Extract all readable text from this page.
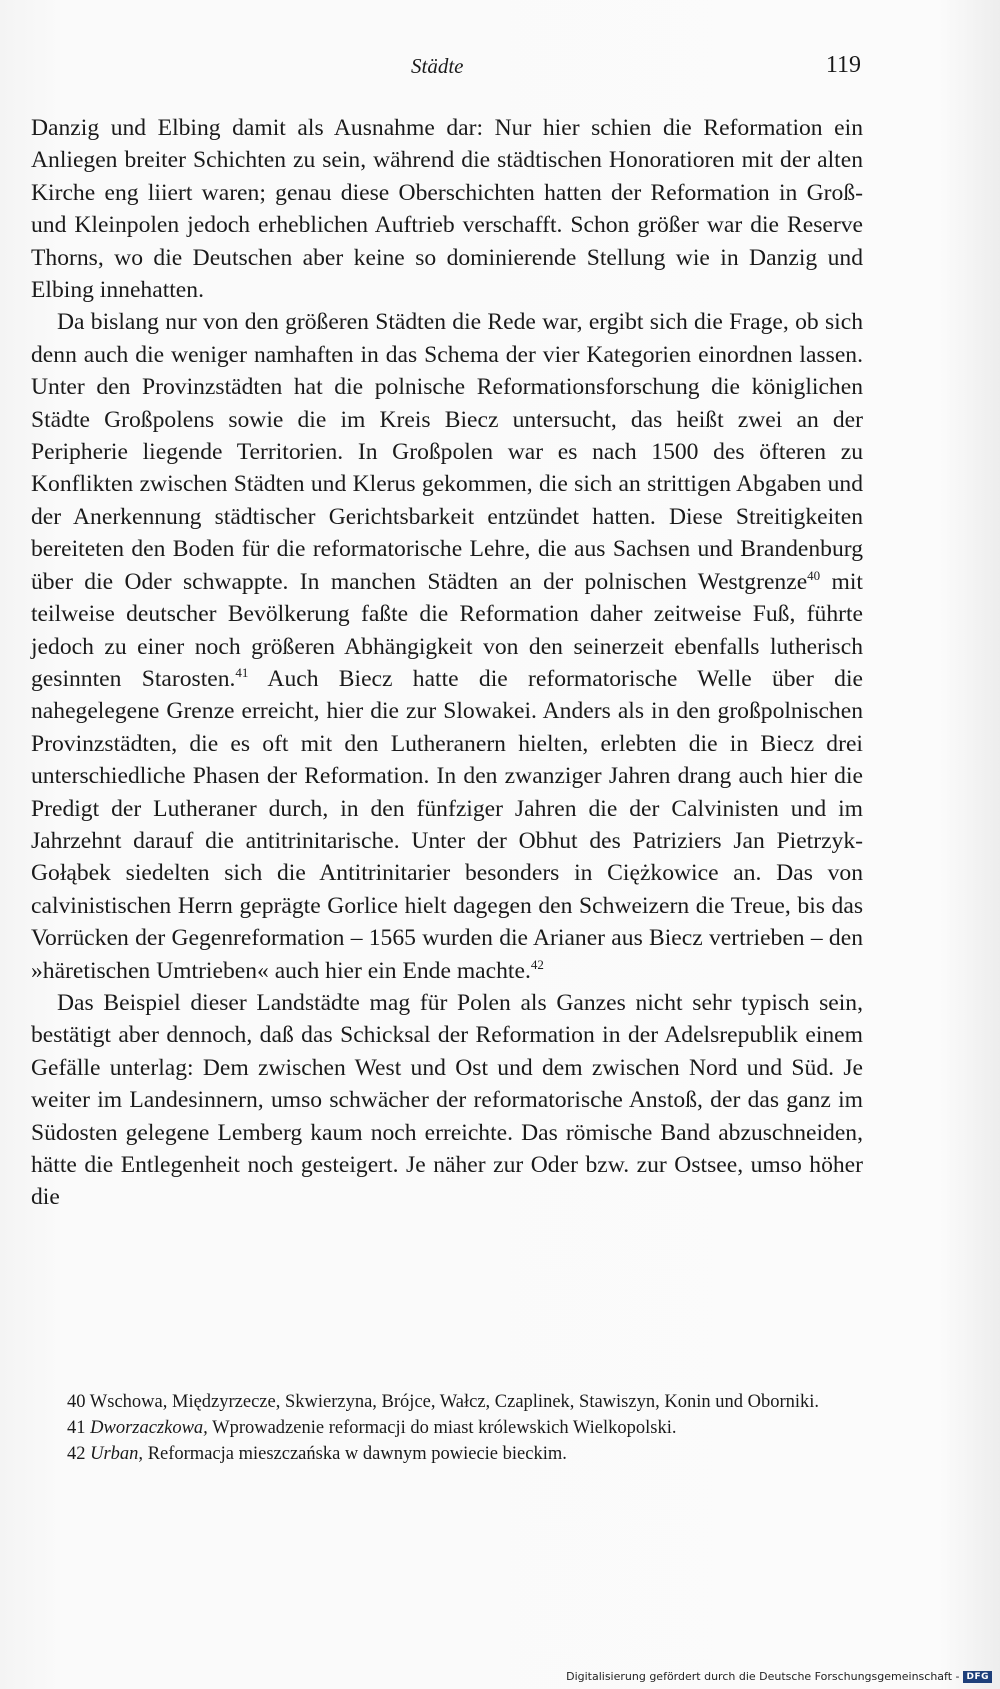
Städte	119

Danzig und Elbing damit als Ausnahme dar: Nur hier schien die Reformation ein Anliegen breiter Schichten zu sein, während die städtischen Honoratioren mit der alten Kirche eng liiert waren; genau diese Oberschichten hatten der Reformation in Groß- und Kleinpolen jedoch erheblichen Auftrieb verschafft. Schon größer war die Reserve Thorns, wo die Deutschen aber keine so dominierende Stellung wie in Danzig und Elbing innehatten.

Da bislang nur von den größeren Städten die Rede war, ergibt sich die Frage, ob sich denn auch die weniger namhaften in das Schema der vier Kategorien einordnen lassen. Unter den Provinzstädten hat die polnische Reformationsforschung die königlichen Städte Großpolens sowie die im Kreis Biecz untersucht, das heißt zwei an der Peripherie liegende Territorien. In Großpolen war es nach 1500 des öfteren zu Konflikten zwischen Städten und Klerus gekommen, die sich an strittigen Abgaben und der Anerkennung städtischer Gerichtsbarkeit entzündet hatten. Diese Streitigkeiten bereiteten den Boden für die reformatorische Lehre, die aus Sachsen und Brandenburg über die Oder schwappte. In manchen Städten an der polnischen Westgrenze$^{40}$ mit teilweise deutscher Bevölkerung faßte die Reformation daher zeitweise Fuß, führte jedoch zu einer noch größeren Abhängigkeit von den seinerzeit ebenfalls lutherisch gesinnten Starosten.$^{41}$ Auch Biecz hatte die reformatorische Welle über die nahegelegene Grenze erreicht, hier die zur Slowakei. Anders als in den großpolnischen Provinzstädten, die es oft mit den Lutheranern hielten, erlebten die in Biecz drei unterschiedliche Phasen der Reformation. In den zwanziger Jahren drang auch hier die Predigt der Lutheraner durch, in den fünfziger Jahren die der Calvinisten und im Jahrzehnt darauf die antitrinitarische. Unter der Obhut des Patriziers Jan Pietrzyk-Gołąbek siedelten sich die Antitrinitarier besonders in Ciężkowice an. Das von calvinistischen Herrn geprägte Gorlice hielt dagegen den Schweizern die Treue, bis das Vorrücken der Gegenreformation – 1565 wurden die Arianer aus Biecz vertrieben – den »häretischen Umtrieben« auch hier ein Ende machte.$^{42}$

Das Beispiel dieser Landstädte mag für Polen als Ganzes nicht sehr typisch sein, bestätigt aber dennoch, daß das Schicksal der Reformation in der Adelsrepublik einem Gefälle unterlag: Dem zwischen West und Ost und dem zwischen Nord und Süd. Je weiter im Landesinnern, umso schwächer der reformatorische Anstoß, der das ganz im Südosten gelegene Lemberg kaum noch erreichte. Das römische Band abzuschneiden, hätte die Entlegenheit noch gesteigert. Je näher zur Oder bzw. zur Ostsee, umso höher die

40 Wschowa, Międzyrzecze, Skwierzyna, Brójce, Wałcz, Czaplinek, Stawiszyn, Konin und Oborniki.

41 Dworzaczkowa, Wprowadzenie reformacji do miast królewskich Wielkopolski.

42 Urban, Reformacja mieszczańska w dawnym powiecie bieckim.

Digitalisierung gefördert durch die Deutsche Forschungsgemeinschaft - DFG
